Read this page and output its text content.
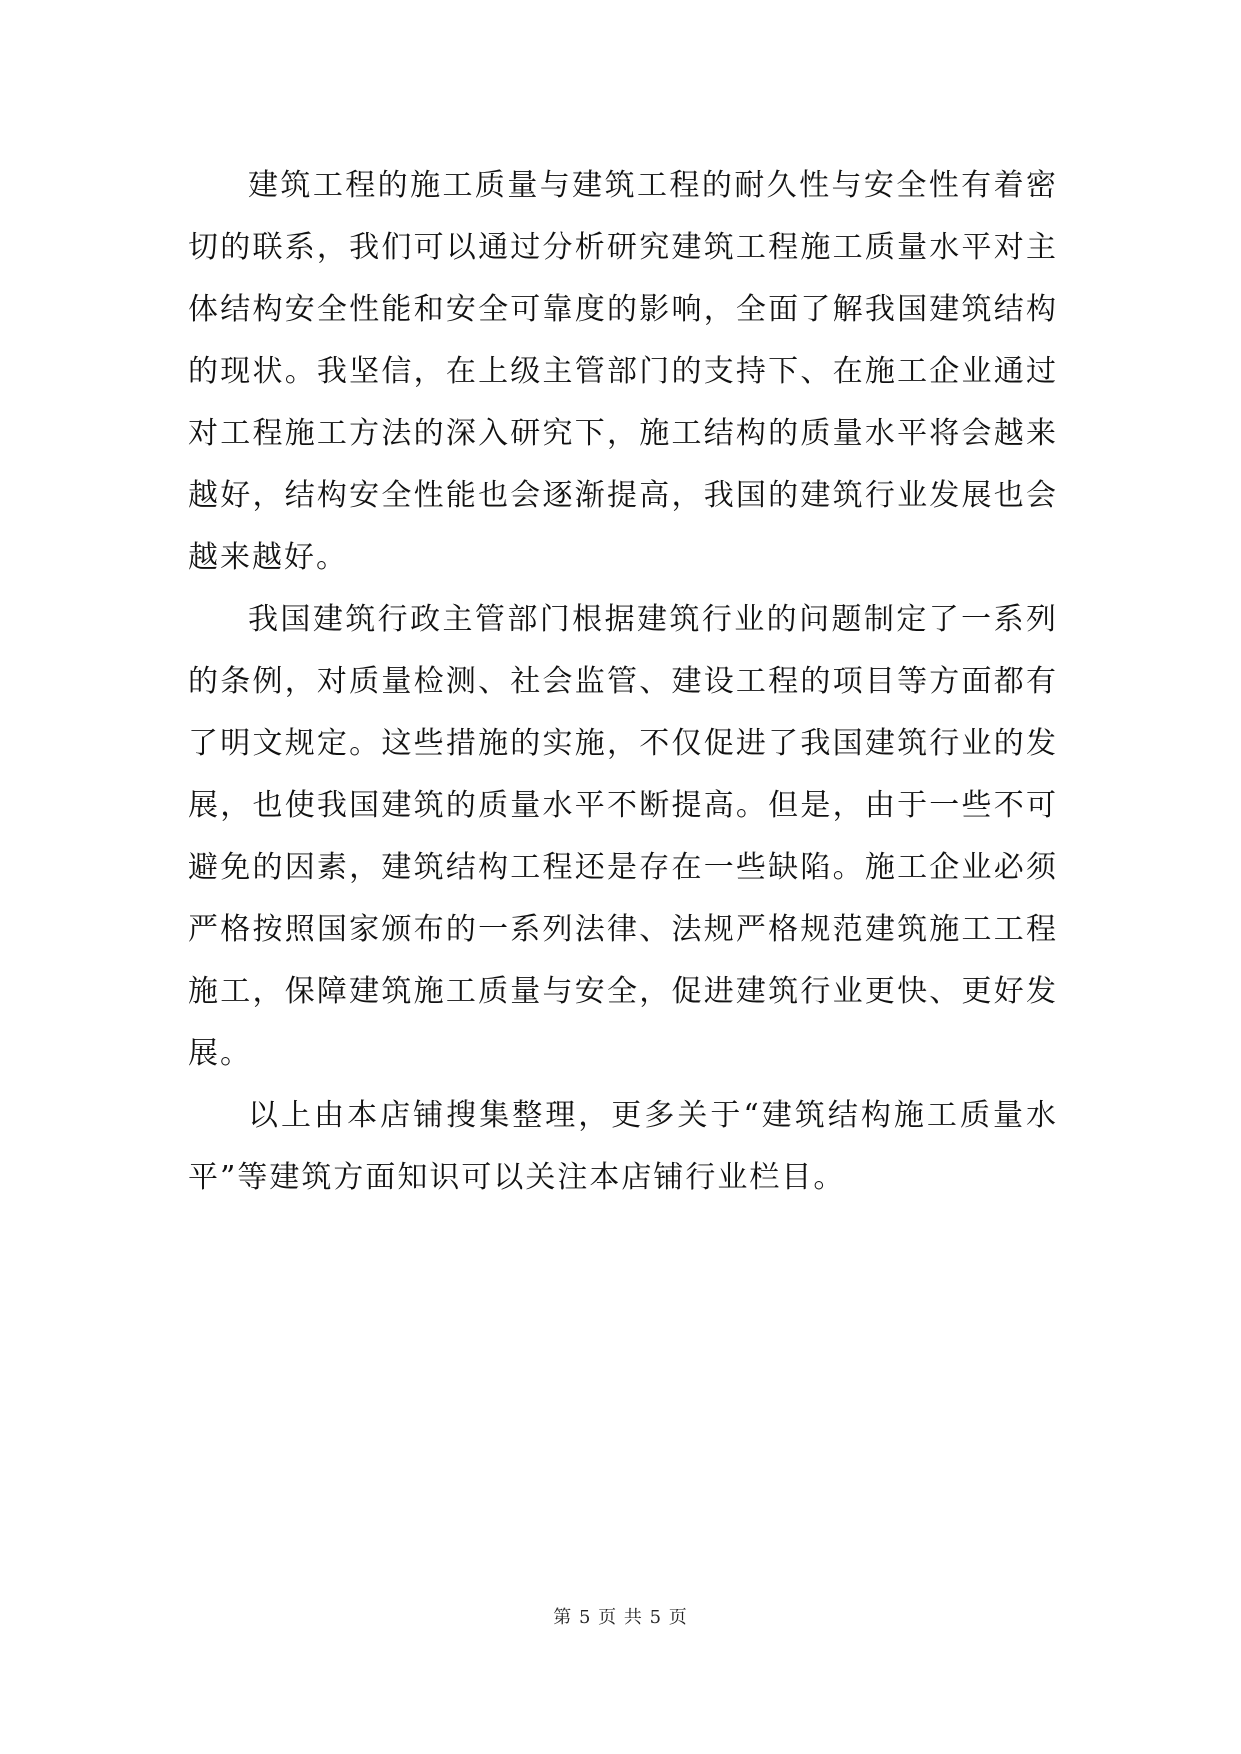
建筑工程的施工质量与建筑工程的耐久性与安全性有着密切的联系，我们可以通过分析研究建筑工程施工质量水平对主体结构安全性能和安全可靠度的影响，全面了解我国建筑结构的现状。我坚信，在上级主管部门的支持下、在施工企业通过对工程施工方法的深入研究下，施工结构的质量水平将会越来越好，结构安全性能也会逐渐提高，我国的建筑行业发展也会越来越好。

我国建筑行政主管部门根据建筑行业的问题制定了一系列的条例，对质量检测、社会监管、建设工程的项目等方面都有了明文规定。这些措施的实施，不仅促进了我国建筑行业的发展，也使我国建筑的质量水平不断提高。但是，由于一些不可避免的因素，建筑结构工程还是存在一些缺陷。施工企业必须严格按照国家颁布的一系列法律、法规严格规范建筑施工工程施工，保障建筑施工质量与安全，促进建筑行业更快、更好发展。

以上由本店铺搜集整理，更多关于“建筑结构施工质量水平”等建筑方面知识可以关注本店铺行业栏目。

第 5 页 共 5 页
